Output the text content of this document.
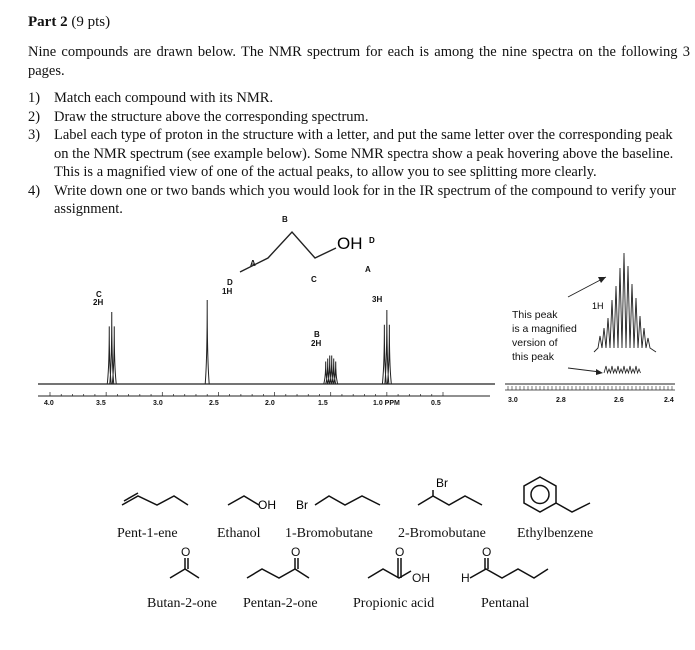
Part 2 (9 pts)
Nine compounds are drawn below. The NMR spectrum for each is among the nine spectra on the following 3 pages.
1) Match each compound with its NMR.
2) Draw the structure above the corresponding spectrum.
3) Label each type of proton in the structure with a letter, and put the same letter over the corresponding peak on the NMR spectrum (see example below). Some NMR spectra show a peak hovering above the baseline. This is a magnified view of one of the actual peaks, to allow you to see splitting more clearly.
4) Write down one or two bands which you would look for in the IR spectrum of the compound to verify your assignment.
A
B
C
A
OH D
4.0	3.5	3.0	2.5	2.0	1.5	1.0 PPM	0.5
C
2H
D
1H
B
2H
3H
This peak is a magnified version of this peak
1H
3.0	2.8	2.6	2.4
OH Br
Br
Pent-1-ene	Ethanol 1-Bromobutane 2-Bromobutane Ethylbenzene
O	O	O
OH
O
H
Butan-2-one Pentan-2-one	Propionic acid	Pentanal
